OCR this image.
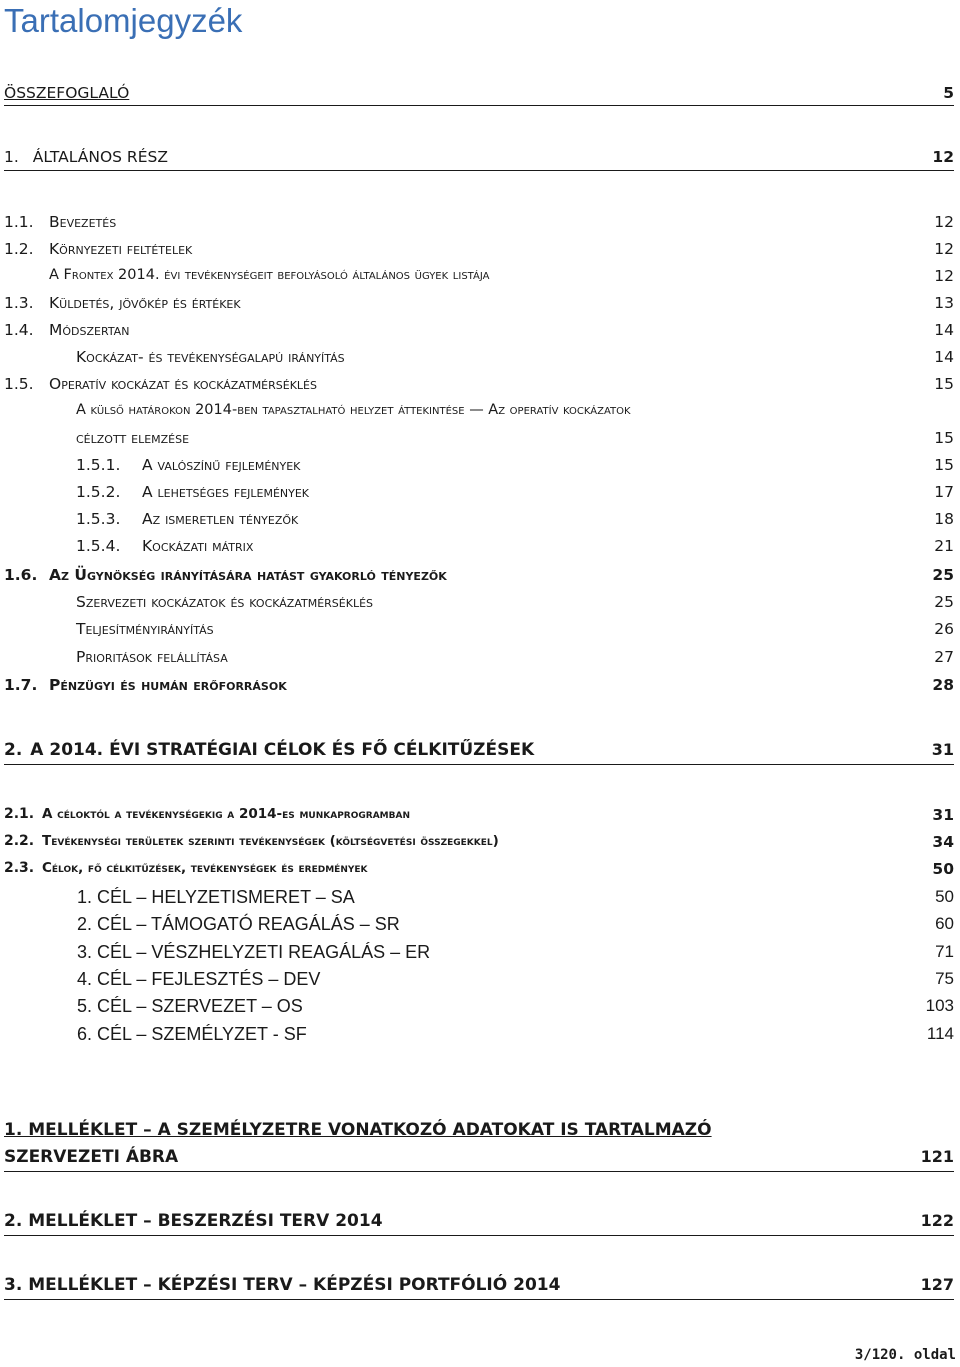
Tartalomjegyzék
ÖSSZEFOGLALÓ	5
1. ÁLTALÁNOS RÉSZ	12
1.1. Bevezetés	12
1.2. Környezeti feltételek	12
A Frontex 2014. évi tevékenységeit befolyásoló általános ügyek listája	12
1.3. Küldetés, jövőkép és értékek	13
1.4. Módszertan	14
Kockázat- és tevékenységalapú irányítás	14
1.5. Operatív kockázat és kockázatmérséklés	15
A külső határokon 2014-ben tapasztalható helyzet áttekintése — Az operatív kockázatok
célzott elemzése	15
1.5.1.	A valószínű fejlemények	15
1.5.2.	A lehetséges fejlemények	17
1.5.3.	Az ismeretlen tényezők	18
1.5.4.	Kockázati mátrix	21
1.6. Az Ügynökség irányítására hatást gyakorló tényezők	25
Szervezeti kockázatok és kockázatmérséklés	25
Teljesítményirányítás	26
Prioritások felállítása	27
1.7. Pénzügyi és humán erőforrások	28
2. A 2014. ÉVI STRATÉGIAI CÉLOK ÉS FŐ CÉLKITŰZÉSEK	31
2.1. A célοktól a tevékenységekig a 2014-es munkaprogramban	31
2.2. Tevékenységi területek szerinti tevékenységek (költségvetési összegekkel)	34
2.3. Célok, fő célkitűzések, tevékenységek és eredmények	50
1. CÉL – HELYZETISMERET – SA	50
2. CÉL – TÁMOGATÓ REAGÁLÁS – SR	60
3. CÉL – VÉSZHELYZETI REAGÁLÁS – ER	71
4. CÉL – FEJLESZTÉS – DEV	75
5. CÉL – SZERVEZET – OS	103
6. CÉL – SZEMÉLYZET - SF	114
1. MELLÉKLET – A SZEMÉLYZETRE VONATKOZÓ ADATOKAT IS TARTALMAZÓ
SZERVEZETI ÁBRA	121
2. MELLÉKLET – BESZERZÉSI TERV 2014	122
3. MELLÉKLET – KÉPZÉSI TERV – KÉPZÉSI PORTFÓLIÓ 2014	127
3/120. oldal
